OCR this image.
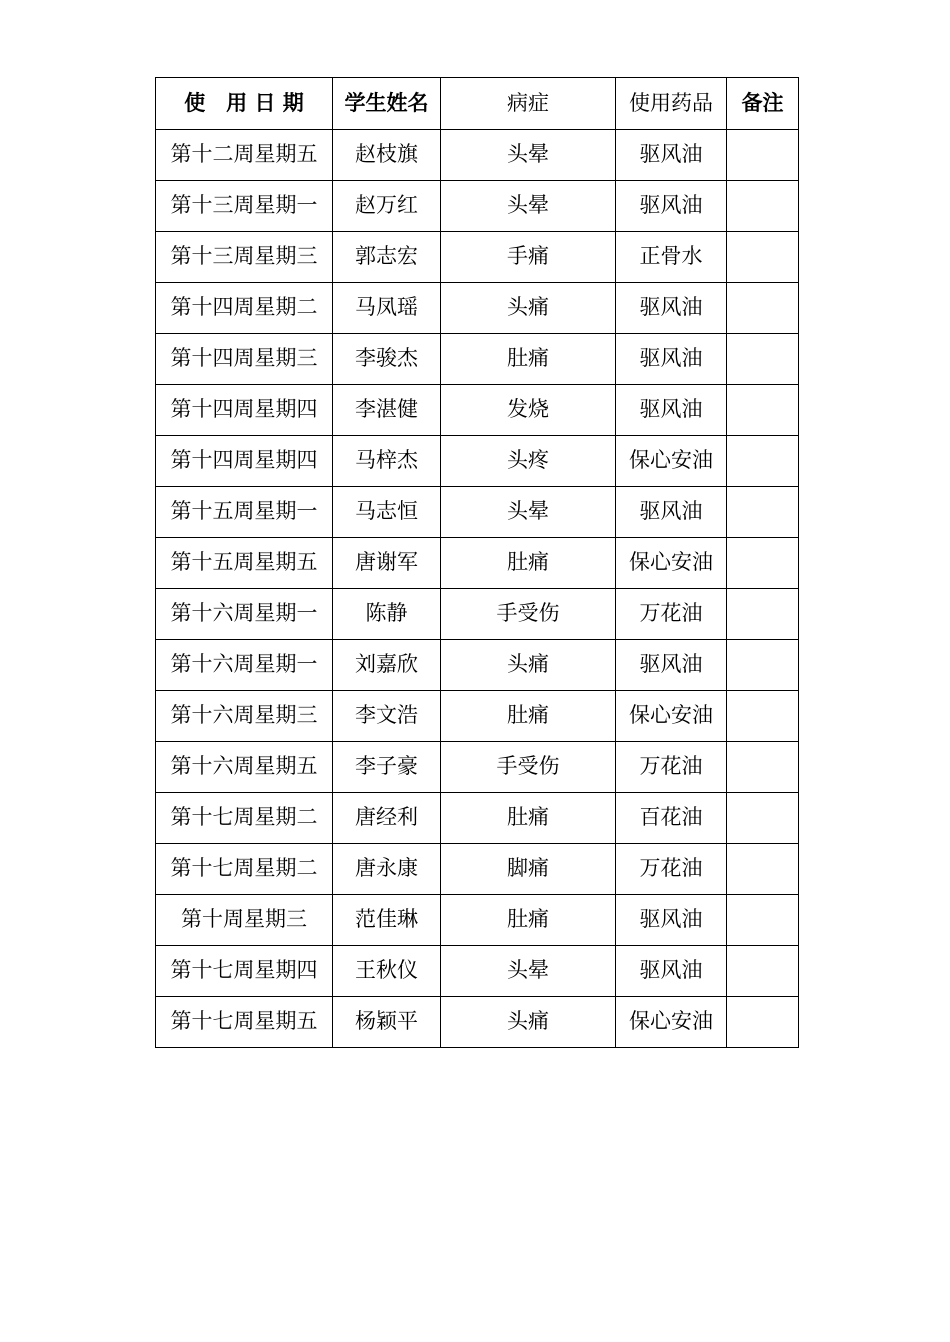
使　用 日 期	学生姓名	病症	使用药品	备注
第十二周星期五	赵枝旗	头晕	驱风油	
第十三周星期一	赵万红	头晕	驱风油	
第十三周星期三	郭志宏	手痛	正骨水	
第十四周星期二	马凤瑶	头痛	驱风油	
第十四周星期三	李骏杰	肚痛	驱风油	
第十四周星期四	李湛健	发烧	驱风油	
第十四周星期四	马梓杰	头疼	保心安油	
第十五周星期一	马志恒	头晕	驱风油	
第十五周星期五	唐谢军	肚痛	保心安油	
第十六周星期一	陈静	手受伤	万花油	
第十六周星期一	刘嘉欣	头痛	驱风油	
第十六周星期三	李文浩	肚痛	保心安油	
第十六周星期五	李子豪	手受伤	万花油	
第十七周星期二	唐经利	肚痛	百花油	
第十七周星期二	唐永康	脚痛	万花油	
第十周星期三	范佳琳	肚痛	驱风油	
第十七周星期四	王秋仪	头晕	驱风油	
第十七周星期五	杨颖平	头痛	保心安油	
